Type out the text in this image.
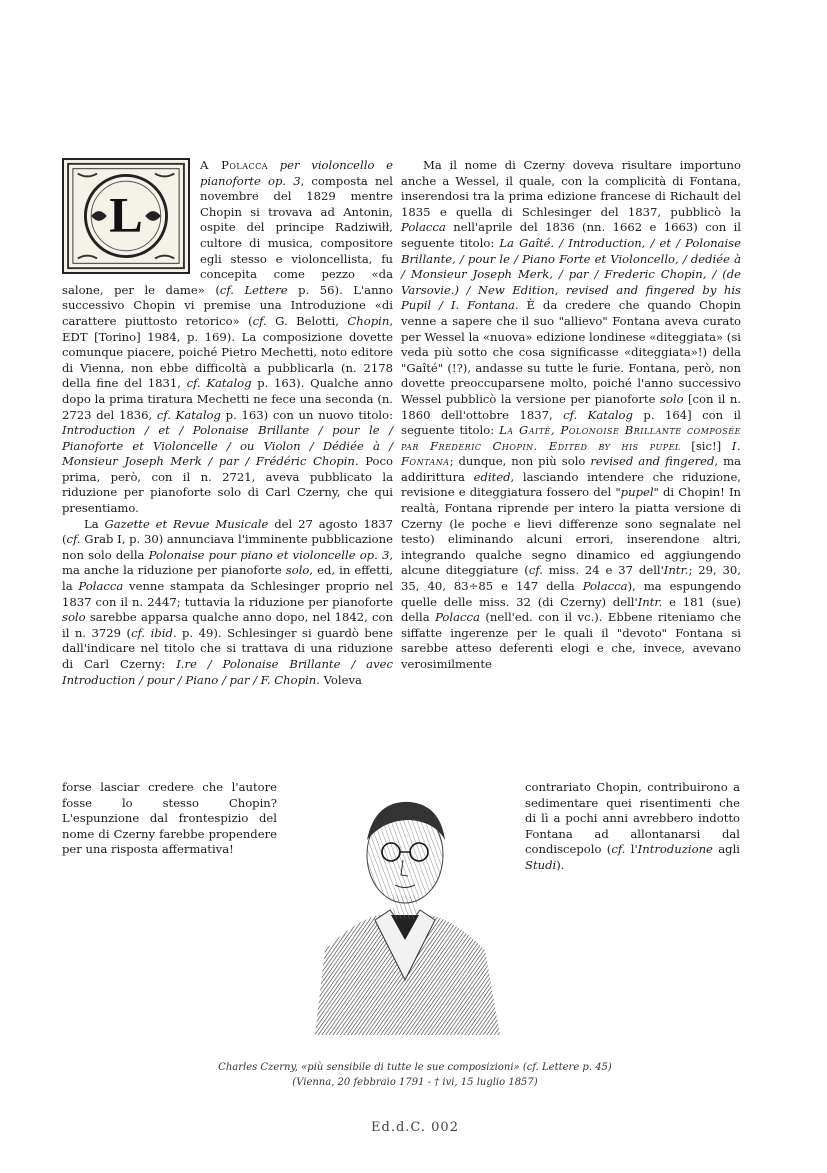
L
A Polacca per violoncello e pianoforte op. 3, composta nel novembre del 1829 mentre Chopin si trovava ad Antonin, ospite del principe Radziwiłł, cultore di musica, compositore egli stesso e violoncellista, fu concepita come pezzo «da salone, per le dame» (cf. Lettere p. 56). L'anno successivo Chopin vi premise una Introduzione «di carattere piuttosto retorico» (cf. G. Belotti, Chopin, EDT [Torino] 1984, p. 169). La composizione dovette comunque piacere, poiché Pietro Mechetti, noto editore di Vienna, non ebbe difficoltà a pubblicarla (n. 2178 della fine del 1831, cf. Katalog p. 163). Qualche anno dopo la prima tiratura Mechetti ne fece una seconda (n. 2723 del 1836, cf. Katalog p. 163) con un nuovo titolo: Introduction / et / Polonaise Brillante / pour le / Pianoforte et Violoncelle / ou Violon / Dédiée à / Monsieur Joseph Merk / par / Frédéric Chopin. Poco prima, però, con il n. 2721, aveva pubblicato la riduzione per pianoforte solo di Carl Czerny, che qui presentiamo.

La Gazette et Revue Musicale del 27 agosto 1837 (cf. Grab I, p. 30) annunciava l'imminente pubblicazione non solo della Polonaise pour piano et violoncelle op. 3, ma anche la riduzione per pianoforte solo, ed, in effetti, la Polacca venne stampata da Schlesinger proprio nel 1837 con il n. 2447; tuttavia la riduzione per pianoforte solo sarebbe apparsa qualche anno dopo, nel 1842, con il n. 3729 (cf. ibid. p. 49). Schlesinger si guardò bene dall'indicare nel titolo che si trattava di una riduzione di Carl Czerny: I.re / Polonaise Brillante / avec Introduction / pour / Piano / par / F. Chopin. Voleva

forse lasciar credere che l'autore fosse lo stesso Chopin? L'espunzione dal frontespizio del nome di Czerny farebbe propendere per una risposta affermativa!

Ma il nome di Czerny doveva risultare importuno anche a Wessel, il quale, con la complicità di Fontana, inserendosi tra la prima edizione francese di Richault del 1835 e quella di Schlesinger del 1837, pubblicò la Polacca nell'aprile del 1836 (nn. 1662 e 1663) con il seguente titolo: La Gaîté. / Introduction, / et / Polonaise Brillante, / pour le / Piano Forte et Violoncello, / dediée à / Monsieur Joseph Merk, / par / Frederic Chopin, / (de Varsovie.) / New Edition, revised and fingered by his Pupil / I. Fontana. È da credere che quando Chopin venne a sapere che il suo "allievo" Fontana aveva curato per Wessel la «nuova» edizione londinese «diteggiata» (si veda più sotto che cosa significasse «diteggiata»!) della "Gaîté" (!?), andasse su tutte le furie. Fontana, però, non dovette preoccuparsene molto, poiché l'anno successivo Wessel pubblicò la versione per pianoforte solo [con il n. 1860 dell'ottobre 1837, cf. Katalog p. 164] con il seguente titolo: La Gaité, Polonoise Brillante composée par Frederic Chopin. Edited by his pupel [sic!] I. Fontana; dunque, non più solo revised and fingered, ma addirittura edited, lasciando intendere che riduzione, revisione e diteggiatura fossero del "pupel" di Chopin! In realtà, Fontana riprende per intero la piatta versione di Czerny (le poche e lievi differenze sono segnalate nel testo) eliminando alcuni errori, inserendone altri, integrando qualche segno dinamico ed aggiungendo alcune diteggiature (cf. miss. 24 e 37 dell'Intr.; 29, 30, 35, 40, 83÷85 e 147 della Polacca), ma espungendo quelle delle miss. 32 (di Czerny) dell'Intr. e 181 (sue) della Polacca (nell'ed. con il vc.). Ebbene riteniamo che siffatte ingerenze per le quali il "devoto" Fontana si sarebbe atteso deferenti elogi e che, invece, avevano verosimilmente

contrariato Chopin, contribuirono a sedimentare quei risentimenti che di lì a pochi anni avrebbero indotto Fontana ad allontanarsi dal condiscepolo (cf. l'Introduzione agli Studi).
Charles Czerny, «più sensibile di tutte le sue composizioni» (cf. Lettere p. 45)
(Vienna, 20 febbraio 1791 - † ivi, 15 luglio 1857)
Ed.d.C. 002
